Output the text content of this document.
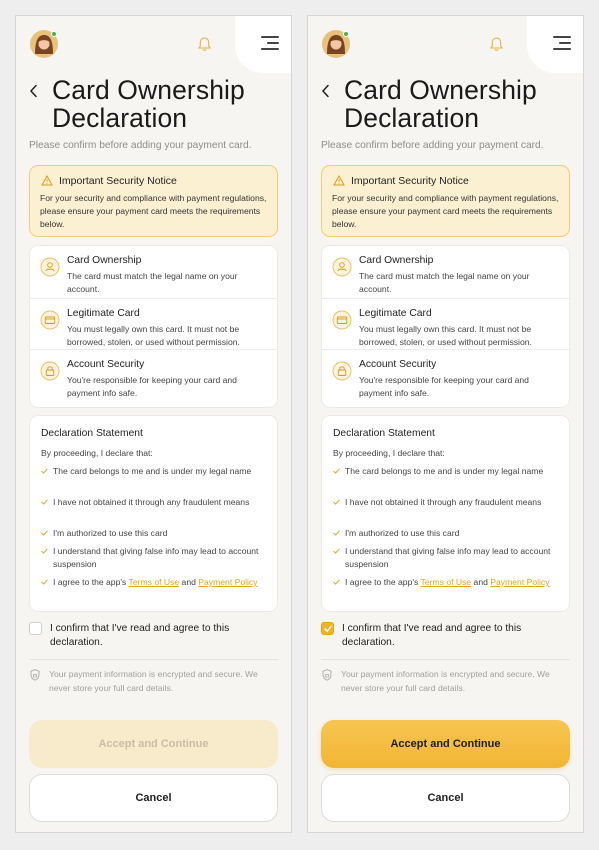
Card Ownership Declaration
Please confirm before adding your payment card.
Important Security Notice
For your security and compliance with payment regulations, please ensure your payment card meets the requirements below.
Card Ownership
The card must match the legal name on your account.
Legitimate Card
You must legally own this card. It must not be borrowed, stolen, or used without permission.
Account Security
You're responsible for keeping your card and payment info safe.
Declaration Statement
By proceeding, I declare that:
The card belongs to me and is under my legal name
I have not obtained it through any fraudulent means
I'm authorized to use this card
I understand that giving false info may lead to account suspension
I agree to the app's Terms of Use and Payment Policy
I confirm that I've read and agree to this declaration.
Your payment information is encrypted and secure. We never store your full card details.
Accept and Continue
Cancel
Card Ownership Declaration
Please confirm before adding your payment card.
Important Security Notice
For your security and compliance with payment regulations, please ensure your payment card meets the requirements below.
Card Ownership
The card must match the legal name on your account.
Legitimate Card
You must legally own this card. It must not be borrowed, stolen, or used without permission.
Account Security
You're responsible for keeping your card and payment info safe.
Declaration Statement
By proceeding, I declare that:
The card belongs to me and is under my legal name
I have not obtained it through any fraudulent means
I'm authorized to use this card
I understand that giving false info may lead to account suspension
I agree to the app's Terms of Use and Payment Policy
I confirm that I've read and agree to this declaration.
Your payment information is encrypted and secure. We never store your full card details.
Accept and Continue
Cancel
